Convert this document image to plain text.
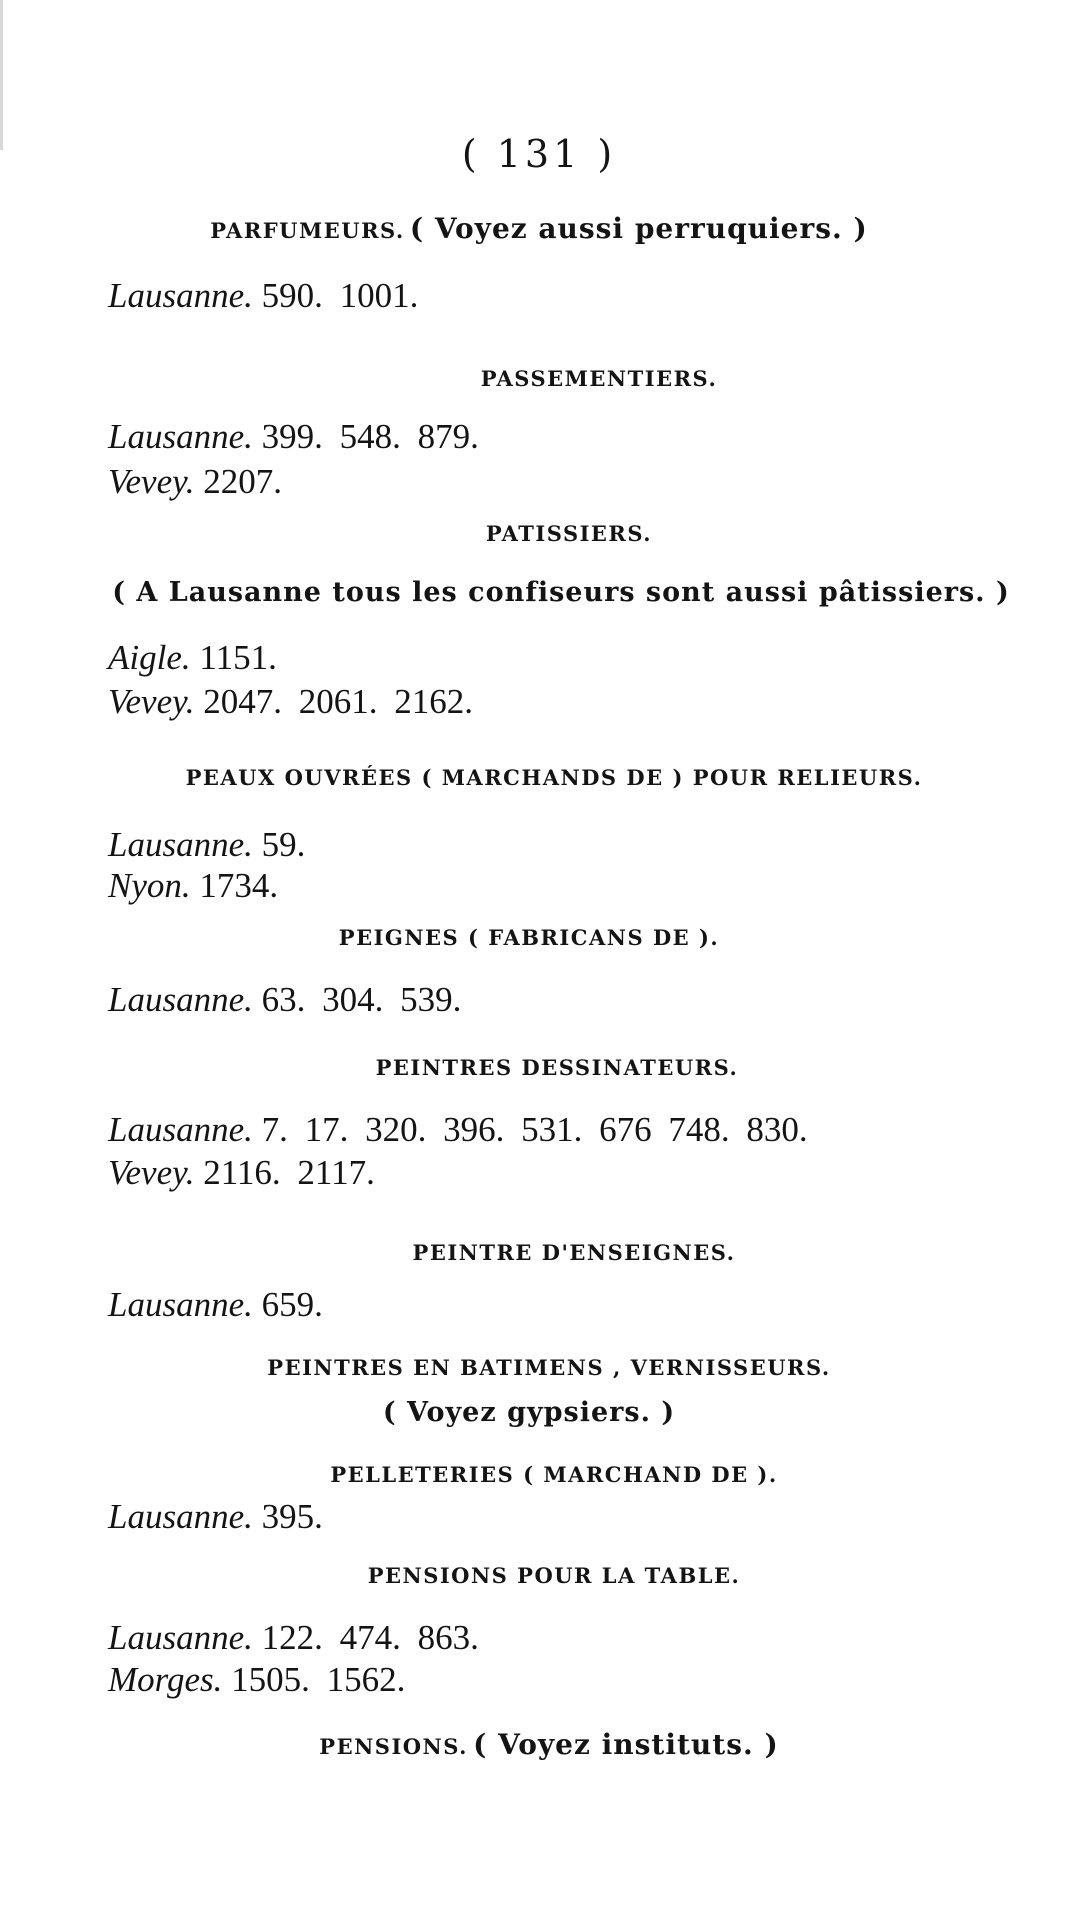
( 131 )
PARFUMEURS. ( Voyez aussi perruquiers. )
Lausanne. 590. 1001.
PASSEMENTIERS.
Lausanne. 399. 548. 879.
Vevey. 2207.
PATISSIERS.
( A Lausanne tous les confiseurs sont aussi pâtissiers. )
Aigle. 1151.
Vevey. 2047. 2061. 2162.
PEAUX OUVRÉES ( MARCHANDS DE ) POUR RELIEURS.
Lausanne. 59.
Nyon. 1734.
PEIGNES ( FABRICANS DE ).
Lausanne. 63. 304. 539.
PEINTRES DESSINATEURS.
Lausanne. 7. 17. 320. 396. 531. 676 748. 830.
Vevey. 2116. 2117.
PEINTRE D'ENSEIGNES.
Lausanne. 659.
PEINTRES EN BATIMENS , VERNISSEURS.
( Voyez gypsiers. )
PELLETERIES ( MARCHAND DE ).
Lausanne. 395.
PENSIONS POUR LA TABLE.
Lausanne. 122. 474. 863.
Morges. 1505. 1562.
PENSIONS. ( Voyez instituts. )
